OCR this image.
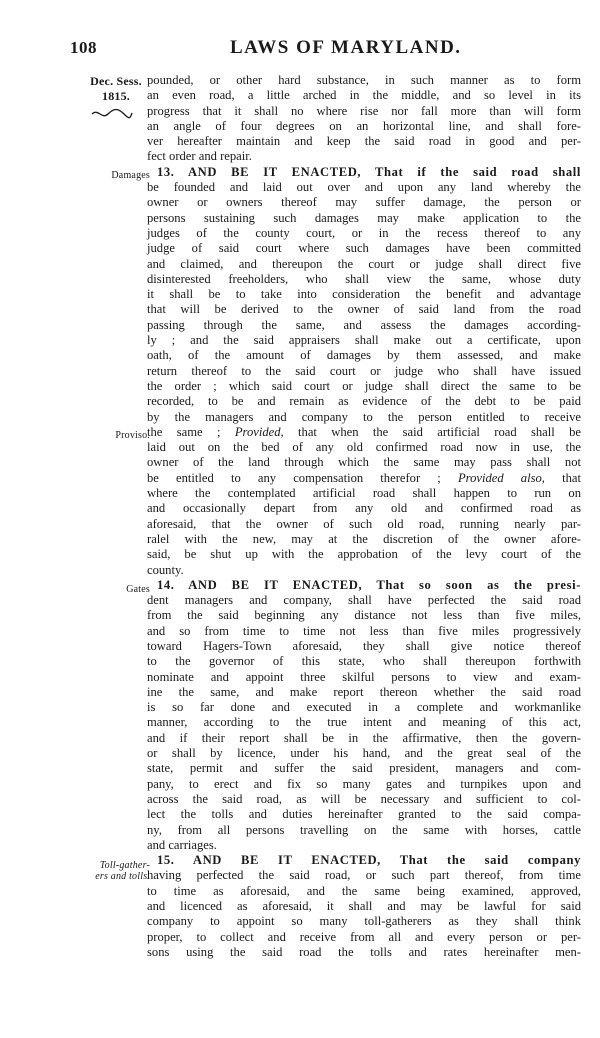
108	LAWS OF MARYLAND.
Dec. Sess.
1815.
Damages
Proviso.
Gates
Toll-gather-
ers and tolls.
pounded, or other hard substance, in such manner as to form
an even road, a little arched in the middle, and so level in its
progress that it shall no where rise nor fall more than will form
an angle of four degrees on an horizontal line, and shall fore-
ver hereafter maintain and keep the said road in good and per-
fect order and repair.
13. AND BE IT ENACTED, That if the said road shall
be founded and laid out over and upon any land whereby the
owner or owners thereof may suffer damage, the person or
persons sustaining such damages may make application to the
judges of the county court, or in the recess thereof to any
judge of said court where such damages have been committed
and claimed, and thereupon the court or judge shall direct five
disinterested freeholders, who shall view the same, whose duty
it shall be to take into consideration the benefit and advantage
that will be derived to the owner of said land from the road
passing through the same, and assess the damages according-
ly ; and the said appraisers shall make out a certificate, upon
oath, of the amount of damages by them assessed, and make
return thereof to the said court or judge who shall have issued
the order ; which said court or judge shall direct the same to be
recorded, to be and remain as evidence of the debt to be paid
by the managers and company to the person entitled to receive
the same ; Provided, that when the said artificial road shall be
laid out on the bed of any old confirmed road now in use, the
owner of the land through which the same may pass shall not
be entitled to any compensation therefor ; Provided also, that
where the contemplated artificial road shall happen to run on
and occasionally depart from any old and confirmed road as
aforesaid, that the owner of such old road, running nearly par-
ralel with the new, may at the discretion of the owner afore-
said, be shut up with the approbation of the levy court of the
county.
14. AND BE IT ENACTED, That so soon as the presi-
dent managers and company, shall have perfected the said road
from the said beginning any distance not less than five miles,
and so from time to time not less than five miles progressively
toward Hagers-Town aforesaid, they shall give notice thereof
to the governor of this state, who shall thereupon forthwith
nominate and appoint three skilful persons to view and exam-
ine the same, and make report thereon whether the said road
is so far done and executed in a complete and workmanlike
manner, according to the true intent and meaning of this act,
and if their report shall be in the affirmative, then the govern-
or shall by licence, under his hand, and the great seal of the
state, permit and suffer the said president, managers and com-
pany, to erect and fix so many gates and turnpikes upon and
across the said road, as will be necessary and sufficient to col-
lect the tolls and duties hereinafter granted to the said compa-
ny, from all persons travelling on the same with horses, cattle
and carriages.
15. AND BE IT ENACTED, That the said company
having perfected the said road, or such part thereof, from time
to time as aforesaid, and the same being examined, approved,
and licenced as aforesaid, it shall and may be lawful for said
company to appoint so many toll-gatherers as they shall think
proper, to collect and receive from all and every person or per-
sons using the said road the tolls and rates hereinafter men-
